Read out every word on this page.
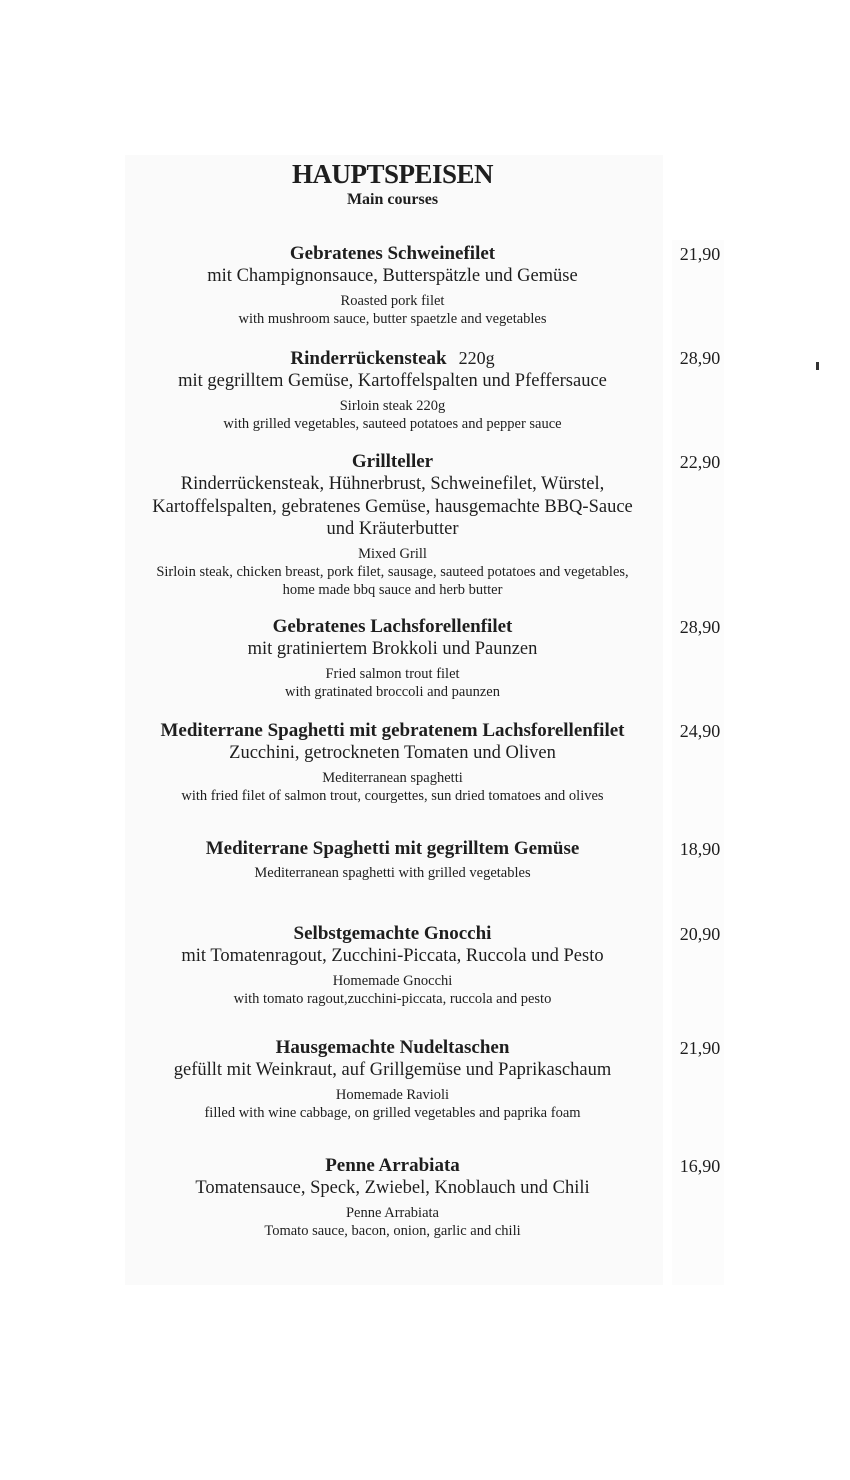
HAUPTSPEISEN
Main courses
Gebratenes Schweinefilet
mit Champignonsauce, Butterspätzle und Gemüse
Roasted pork filet
with mushroom sauce, butter spaetzle and vegetables
21,90
Rinderrückensteak 220g
mit gegrilltem Gemüse, Kartoffelspalten und Pfeffersauce
Sirloin steak 220g
with grilled vegetables, sauteed potatoes and pepper sauce
28,90
Grillteller
Rinderrückensteak, Hühnerbrust, Schweinefilet, Würstel,
Kartoffelspalten, gebratenes Gemüse, hausgemachte BBQ-Sauce
und Kräuterbutter
Mixed Grill
Sirloin steak, chicken breast, pork filet, sausage, sauteed potatoes and vegetables,
home made bbq sauce and herb butter
22,90
Gebratenes Lachsforellenfilet
mit gratiniertem Brokkoli und Paunzen
Fried salmon trout filet
with gratinated broccoli and paunzen
28,90
Mediterrane Spaghetti mit gebratenem Lachsforellenfilet
Zucchini, getrockneten Tomaten und Oliven
Mediterranean spaghetti
with fried filet of salmon trout, courgettes, sun dried tomatoes and olives
24,90
Mediterrane Spaghetti mit gegrilltem Gemüse
Mediterranean spaghetti with grilled vegetables
18,90
Selbstgemachte Gnocchi
mit Tomatenragout, Zucchini-Piccata, Ruccola und Pesto
Homemade Gnocchi
with tomato ragout,zucchini-piccata, ruccola and pesto
20,90
Hausgemachte Nudeltaschen
gefüllt mit Weinkraut, auf Grillgemüse und Paprikaschaum
Homemade Ravioli
filled with wine cabbage, on grilled vegetables and paprika foam
21,90
Penne Arrabiata
Tomatensauce, Speck, Zwiebel, Knoblauch und Chili
Penne Arrabiata
Tomato sauce, bacon, onion, garlic and chili
16,90
